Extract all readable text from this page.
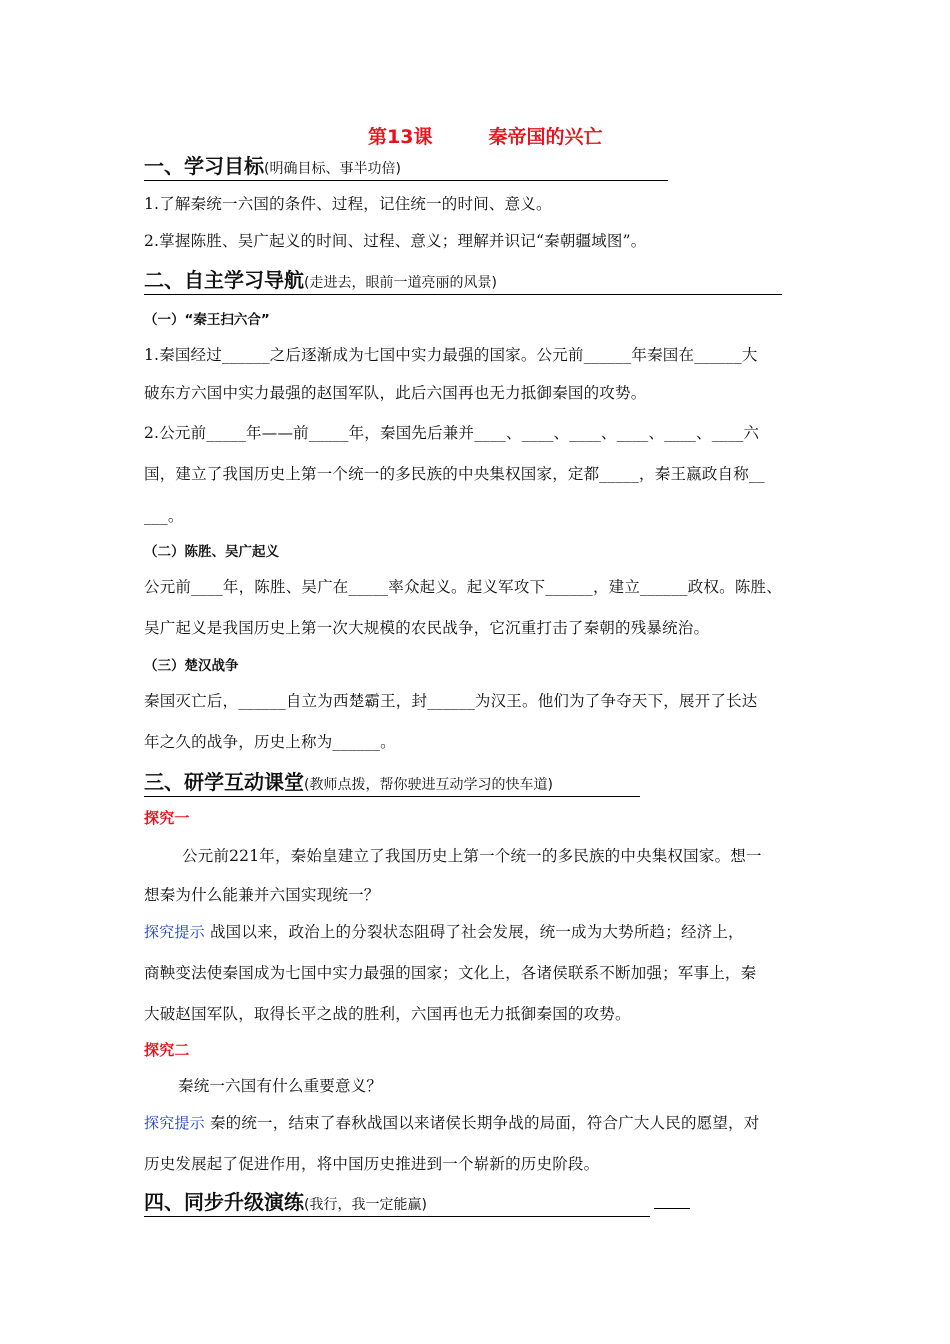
第13课	秦帝国的兴亡
一、学习目标(明确目标、事半功倍)
1.了解秦统一六国的条件、过程，记住统一的时间、意义。
2.掌握陈胜、吴广起义的时间、过程、意义；理解并识记“秦朝疆域图”。
二、自主学习导航(走进去，眼前一道亮丽的风景)
（一）“秦王扫六合”
1.秦国经过______之后逐渐成为七国中实力最强的国家。公元前______年秦国在______大
破东方六国中实力最强的赵国军队，此后六国再也无力抵御秦国的攻势。
2.公元前_____年——前_____年，秦国先后兼并____、____、____、____、____、____六
国，建立了我国历史上第一个统一的多民族的中央集权国家，定都_____，秦王嬴政自称__
___。
（二）陈胜、吴广起义
公元前____年，陈胜、吴广在_____率众起义。起义军攻下______，建立______政权。陈胜、
吴广起义是我国历史上第一次大规模的农民战争，它沉重打击了秦朝的残暴统治。
（三）楚汉战争
秦国灭亡后，______自立为西楚霸王，封______为汉王。他们为了争夺天下，展开了长达
年之久的战争，历史上称为______。
三、研学互动课堂(教师点拨，帮你驶进互动学习的快车道)
探究一
公元前221年，秦始皇建立了我国历史上第一个统一的多民族的中央集权国家。想一
想秦为什么能兼并六国实现统一？
探究提示 战国以来，政治上的分裂状态阻碍了社会发展，统一成为大势所趋；经济上，
商鞅变法使秦国成为七国中实力最强的国家；文化上，各诸侯联系不断加强；军事上，秦
大破赵国军队，取得长平之战的胜利，六国再也无力抵御秦国的攻势。
探究二
秦统一六国有什么重要意义？
探究提示 秦的统一，结束了春秋战国以来诸侯长期争战的局面，符合广大人民的愿望，对
历史发展起了促进作用，将中国历史推进到一个崭新的历史阶段。
四、同步升级演练(我行，我一定能赢)
